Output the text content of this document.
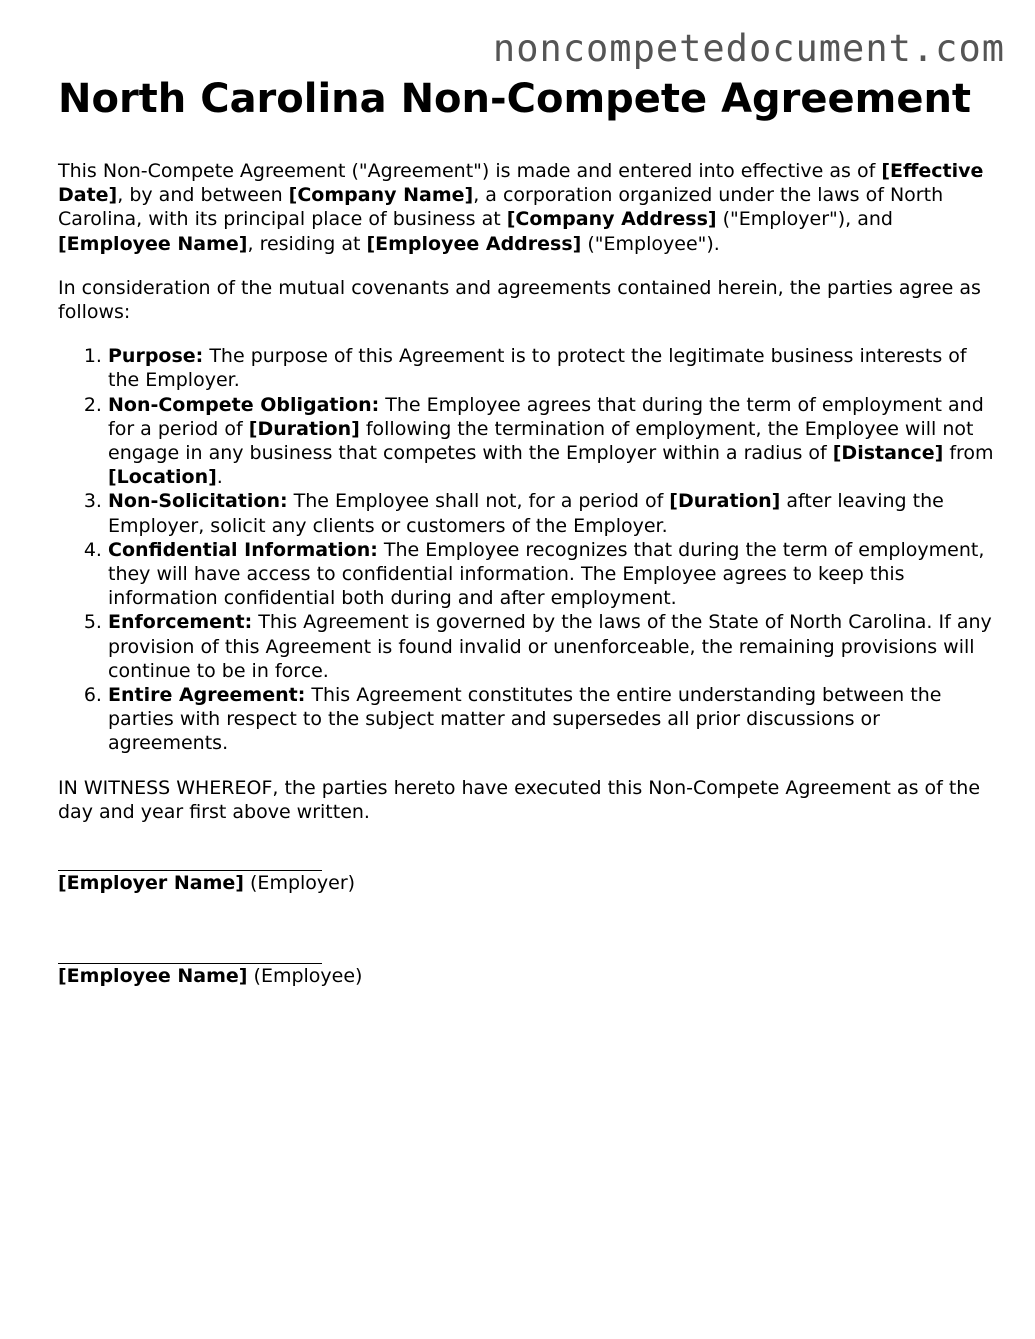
noncompetedocument.com
North Carolina Non-Compete Agreement

This Non-Compete Agreement ("Agreement") is made and entered into effective as of [Effective Date], by and between [Company Name], a corporation organized under the laws of North Carolina, with its principal place of business at [Company Address] ("Employer"), and [Employee Name], residing at [Employee Address] ("Employee").

In consideration of the mutual covenants and agreements contained herein, the parties agree as follows:

1. Purpose: The purpose of this Agreement is to protect the legitimate business interests of the Employer.
2. Non-Compete Obligation: The Employee agrees that during the term of employment and for a period of [Duration] following the termination of employment, the Employee will not engage in any business that competes with the Employer within a radius of [Distance] from [Location].
3. Non-Solicitation: The Employee shall not, for a period of [Duration] after leaving the Employer, solicit any clients or customers of the Employer.
4. Confidential Information: The Employee recognizes that during the term of employment, they will have access to confidential information. The Employee agrees to keep this information confidential both during and after employment.
5. Enforcement: This Agreement is governed by the laws of the State of North Carolina. If any provision of this Agreement is found invalid or unenforceable, the remaining provisions will continue to be in force.
6. Entire Agreement: This Agreement constitutes the entire understanding between the parties with respect to the subject matter and supersedes all prior discussions or agreements.

IN WITNESS WHEREOF, the parties hereto have executed this Non-Compete Agreement as of the day and year first above written.

[Employer Name] (Employer)
[Employee Name] (Employee)
